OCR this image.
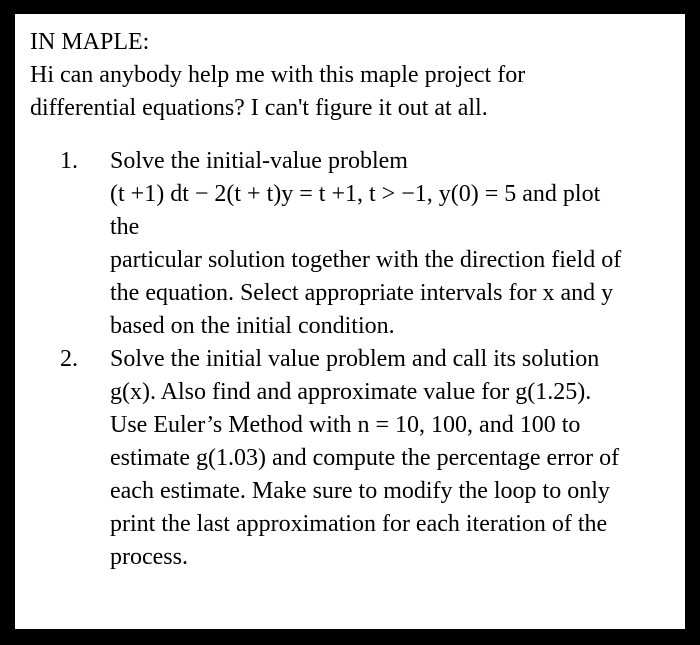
IN MAPLE:

Hi can anybody help me with this maple project for
differential equations? I can't figure it out at all.

1.	Solve the initial-value problem
(t +1) dt − 2(t + t)y = t +1, t > −1, y(0) = 5 and plot
the
particular solution together with the direction field of
the equation. Select appropriate intervals for x and y
based on the initial condition.
2.	Solve the initial value problem and call its solution
g(x). Also find and approximate value for g(1.25).
Use Euler’s Method with n = 10, 100, and 100 to
estimate g(1.03) and compute the percentage error of
each estimate. Make sure to modify the loop to only
print the last approximation for each iteration of the
process.
